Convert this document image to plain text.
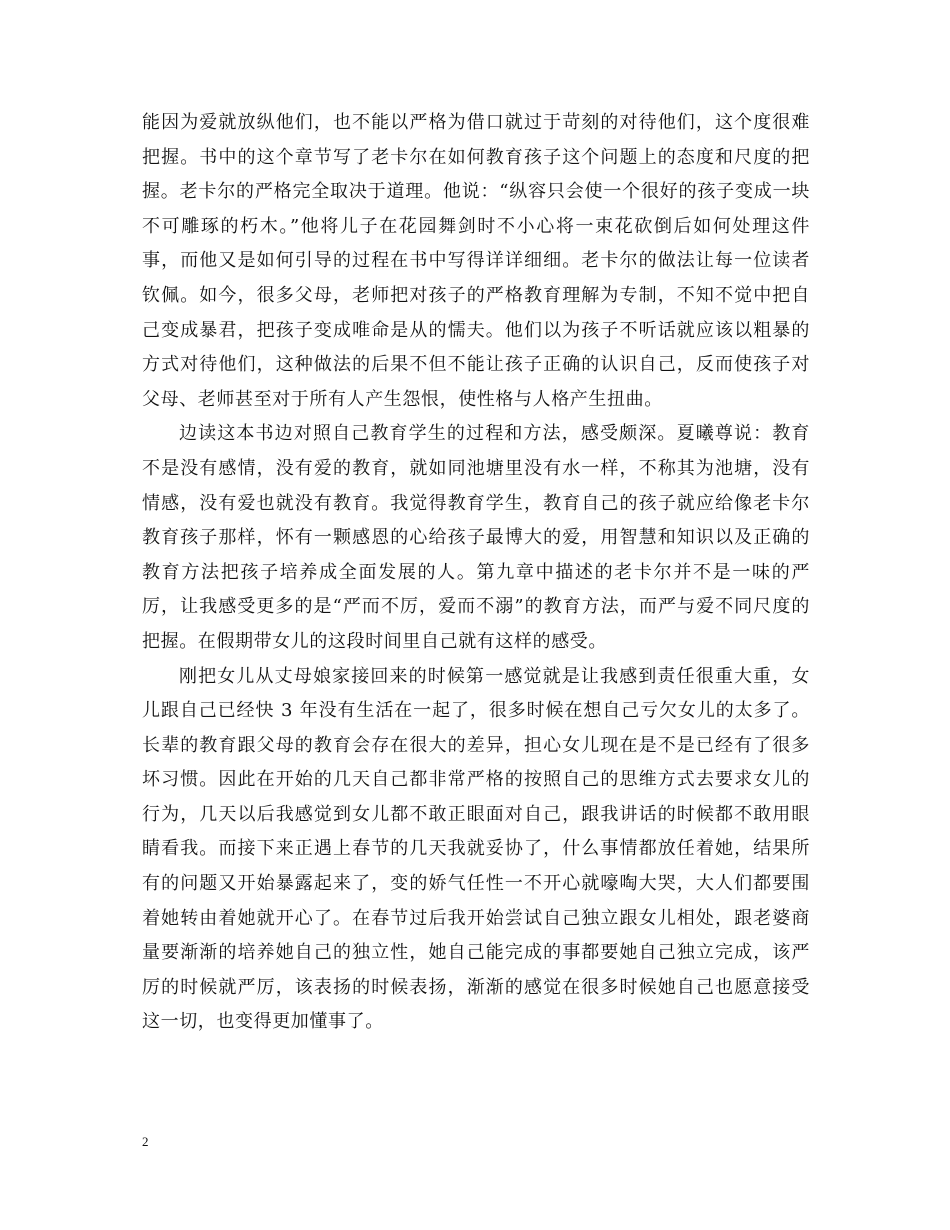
能因为爱就放纵他们，也不能以严格为借口就过于苛刻的对待他们，这个度很难把握。书中的这个章节写了老卡尔在如何教育孩子这个问题上的态度和尺度的把握。老卡尔的严格完全取决于道理。他说：“纵容只会使一个很好的孩子变成一块不可雕琢的朽木。”他将儿子在花园舞剑时不小心将一束花砍倒后如何处理这件事，而他又是如何引导的过程在书中写得详详细细。老卡尔的做法让每一位读者钦佩。如今，很多父母，老师把对孩子的严格教育理解为专制，不知不觉中把自己变成暴君，把孩子变成唯命是从的懦夫。他们以为孩子不听话就应该以粗暴的方式对待他们，这种做法的后果不但不能让孩子正确的认识自己，反而使孩子对父母、老师甚至对于所有人产生怨恨，使性格与人格产生扭曲。

边读这本书边对照自己教育学生的过程和方法，感受颇深。夏曦尊说：教育不是没有感情，没有爱的教育，就如同池塘里没有水一样，不称其为池塘，没有情感，没有爱也就没有教育。我觉得教育学生，教育自己的孩子就应给像老卡尔教育孩子那样，怀有一颗感恩的心给孩子最博大的爱，用智慧和知识以及正确的教育方法把孩子培养成全面发展的人。第九章中描述的老卡尔并不是一味的严厉，让我感受更多的是“严而不厉，爱而不溺”的教育方法，而严与爱不同尺度的把握。在假期带女儿的这段时间里自己就有这样的感受。

刚把女儿从丈母娘家接回来的时候第一感觉就是让我感到责任很重大重，女儿跟自己已经快 3 年没有生活在一起了，很多时候在想自己亏欠女儿的太多了。长辈的教育跟父母的教育会存在很大的差异，担心女儿现在是不是已经有了很多坏习惯。因此在开始的几天自己都非常严格的按照自己的思维方式去要求女儿的行为，几天以后我感觉到女儿都不敢正眼面对自己，跟我讲话的时候都不敢用眼睛看我。而接下来正遇上春节的几天我就妥协了，什么事情都放任着她，结果所有的问题又开始暴露起来了，变的娇气任性一不开心就嚎啕大哭，大人们都要围着她转由着她就开心了。在春节过后我开始尝试自己独立跟女儿相处，跟老婆商量要渐渐的培养她自己的独立性，她自己能完成的事都要她自己独立完成，该严厉的时候就严厉，该表扬的时候表扬，渐渐的感觉在很多时候她自己也愿意接受这一切，也变得更加懂事了。

2
